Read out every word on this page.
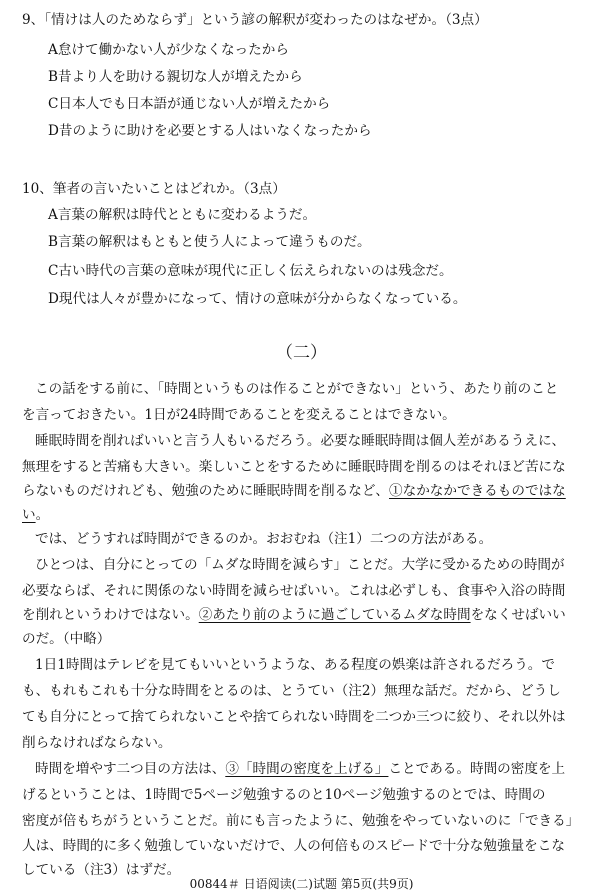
9、「情けは人のためならず」という諺の解釈が変わったのはなぜか。（3点）
A怠けて働かない人が少なくなったから
B昔より人を助ける親切な人が増えたから
C日本人でも日本語が通じない人が増えたから
D昔のように助けを必要とする人はいなくなったから
10、筆者の言いたいことはどれか。（3点）
A言葉の解釈は時代とともに変わるようだ。
B言葉の解釈はもともと使う人によって違うものだ。
C古い時代の言葉の意味が現代に正しく伝えられないのは残念だ。
D現代は人々が豊かになって、情けの意味が分からなくなっている。
（二）
この話をする前に、「時間というものは作ることができない」という、あたり前のこと
を言っておきたい。1日が24時間であることを変えることはできない。
睡眠時間を削ればいいと言う人もいるだろう。必要な睡眠時間は個人差があるうえに、
無理をすると苦痛も大きい。楽しいことをするために睡眠時間を削るのはそれほど苦にな
らないものだけれども、勉強のために睡眠時間を削るなど、①なかなかできるものではな
い。
では、どうすれば時間ができるのか。おおむね（注1）二つの方法がある。
ひとつは、自分にとっての「ムダな時間を減らす」ことだ。大学に受かるための時間が
必要ならば、それに関係のない時間を減らせばいい。これは必ずしも、食事や入浴の時間
を削れというわけではない。②あたり前のように過ごしているムダな時間をなくせばいい
のだ。（中略）
1日1時間はテレビを見てもいいというような、ある程度の娯楽は許されるだろう。で
も、もれもこれも十分な時間をとるのは、とうてい（注2）無理な話だ。だから、どうし
ても自分にとって捨てられないことや捨てられない時間を二つか三つに絞り、それ以外は
削らなければならない。
時間を増やす二つ目の方法は、③「時間の密度を上げる」ことである。時間の密度を上
げるということは、1時間で5ページ勉強するのと10ページ勉強するのとでは、時間の
密度が倍もちがうということだ。前にも言ったように、勉強をやっていないのに「できる」
人は、時間的に多く勉強していないだけで、人の何倍ものスピードで十分な勉強量をこな
している（注3）はずだ。
00844＃ 日语阅读(二)试题 第5页(共9页)
